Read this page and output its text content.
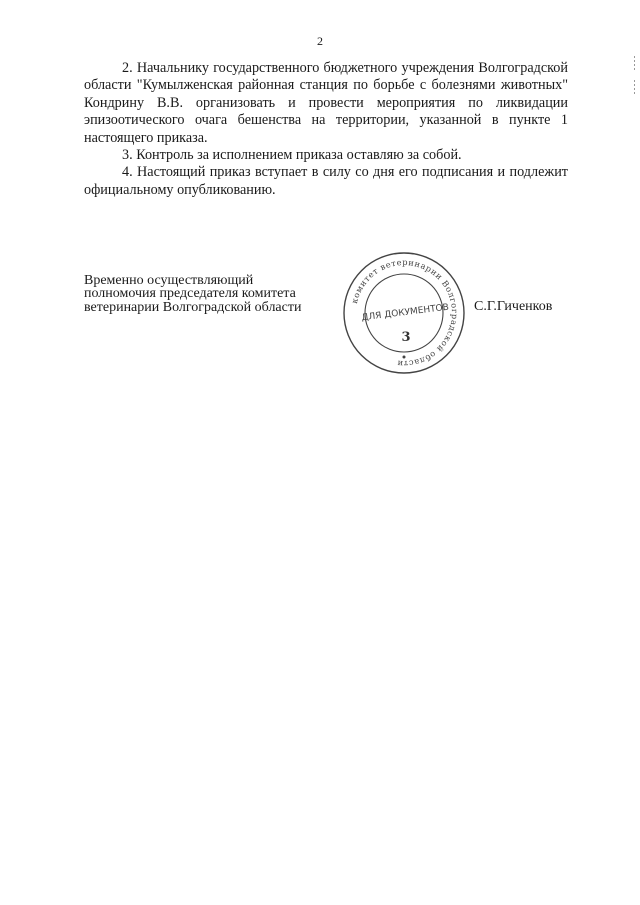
2

2. Начальнику государственного бюджетного учреждения Волгоградской области "Кумылженская районная станция по борьбе с болезнями животных" Кондрину В.В. организовать и провести мероприятия по ликвидации эпизоотического очага бешенства на территории, указанной в пункте 1 настоящего приказа.

3. Контроль за исполнением приказа оставляю за собой.

4. Настоящий приказ вступает в силу со дня его подписания и подлежит официальному опубликованию.

Временно осуществляющий
полномочия председателя комитета
ветеринарии Волгоградской области	комитет ветеринарии Волгоградской области
ДЛЯ ДОКУМЕНТОВ
3
С.Г.Гиченков
